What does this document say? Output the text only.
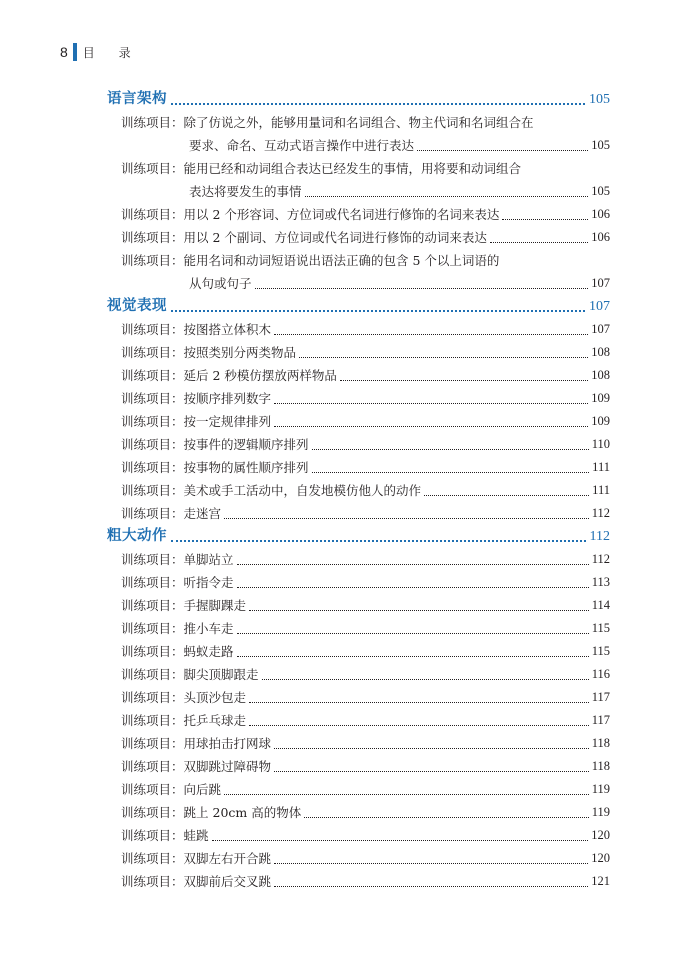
8 目 录
语言架构	105
训练项目： 除了仿说之外，能够用量词和名词组合、物主代词和名词组合在
要求、命名、互动式语言操作中进行表达	105
训练项目： 能用已经和动词组合表达已经发生的事情，用将要和动词组合
表达将要发生的事情	105
训练项目： 用以 2 个形容词、方位词或代名词进行修饰的名词来表达	106
训练项目： 用以 2 个副词、方位词或代名词进行修饰的动词来表达	106
训练项目： 能用名词和动词短语说出语法正确的包含 5 个以上词语的
从句或句子	107
视觉表现	107
训练项目： 按图搭立体积木	107
训练项目： 按照类别分两类物品	108
训练项目： 延后 2 秒模仿摆放两样物品	108
训练项目： 按顺序排列数字	109
训练项目： 按一定规律排列	109
训练项目： 按事件的逻辑顺序排列	110
训练项目： 按事物的属性顺序排列	111
训练项目： 美术或手工活动中，自发地模仿他人的动作	111
训练项目： 走迷宫	112
粗大动作	112
训练项目： 单脚站立	112
训练项目： 听指令走	113
训练项目： 手握脚踝走	114
训练项目： 推小车走	115
训练项目： 蚂蚁走路	115
训练项目： 脚尖顶脚跟走	116
训练项目： 头顶沙包走	117
训练项目： 托乒乓球走	117
训练项目： 用球拍击打网球	118
训练项目： 双脚跳过障碍物	118
训练项目： 向后跳	119
训练项目： 跳上 20cm 高的物体	119
训练项目： 蛙跳	120
训练项目： 双脚左右开合跳	120
训练项目： 双脚前后交叉跳	121
